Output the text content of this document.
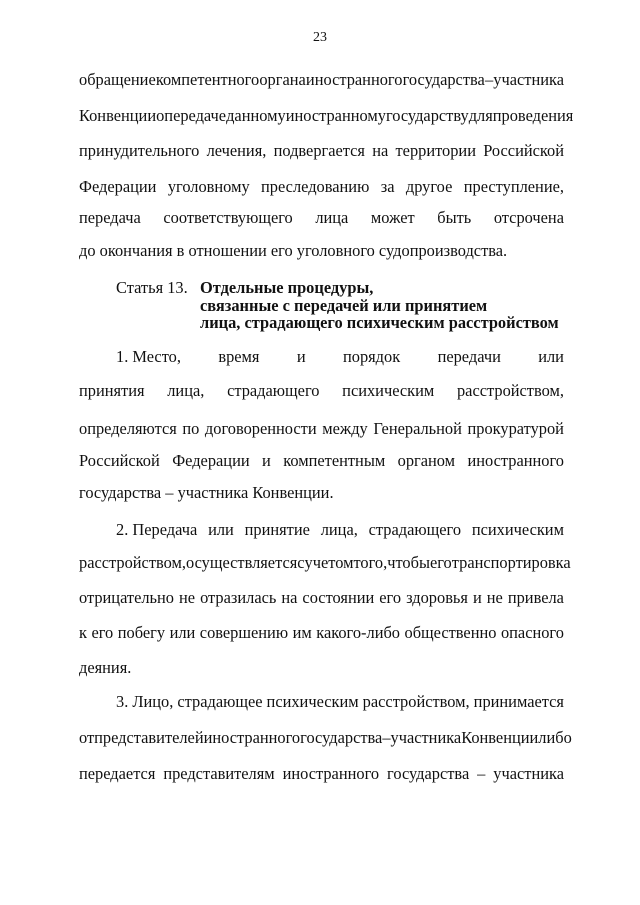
23
обращение компетентного органа иностранного государства – участника
Конвенции о передаче данному иностранному государству для проведения
принудительного лечения, подвергается на территории Российской
Федерации уголовному преследованию за другое преступление,
передача соответствующего лица может быть отсрочена
до окончания в отношении его уголовного судопроизводства.
Статья 13. Отдельные процедуры,
связанные с передачей или принятием
лица, страдающего психическим расстройством
1. Место, время и порядок передачи или
принятия лица, страдающего психическим расстройством,
определяются по договоренности между Генеральной прокуратурой
Российской Федерации и компетентным органом иностранного
государства – участника Конвенции.
2. Передача или принятие лица, страдающего психическим
расстройством, осуществляется с учетом того, чтобы его транспортировка
отрицательно не отразилась на состоянии его здоровья и не привела
к его побегу или совершению им какого-либо общественно опасного
деяния.
3. Лицо, страдающее психическим расстройством, принимается
от представителей иностранного государства – участника Конвенции либо
передается представителям иностранного государства – участника
